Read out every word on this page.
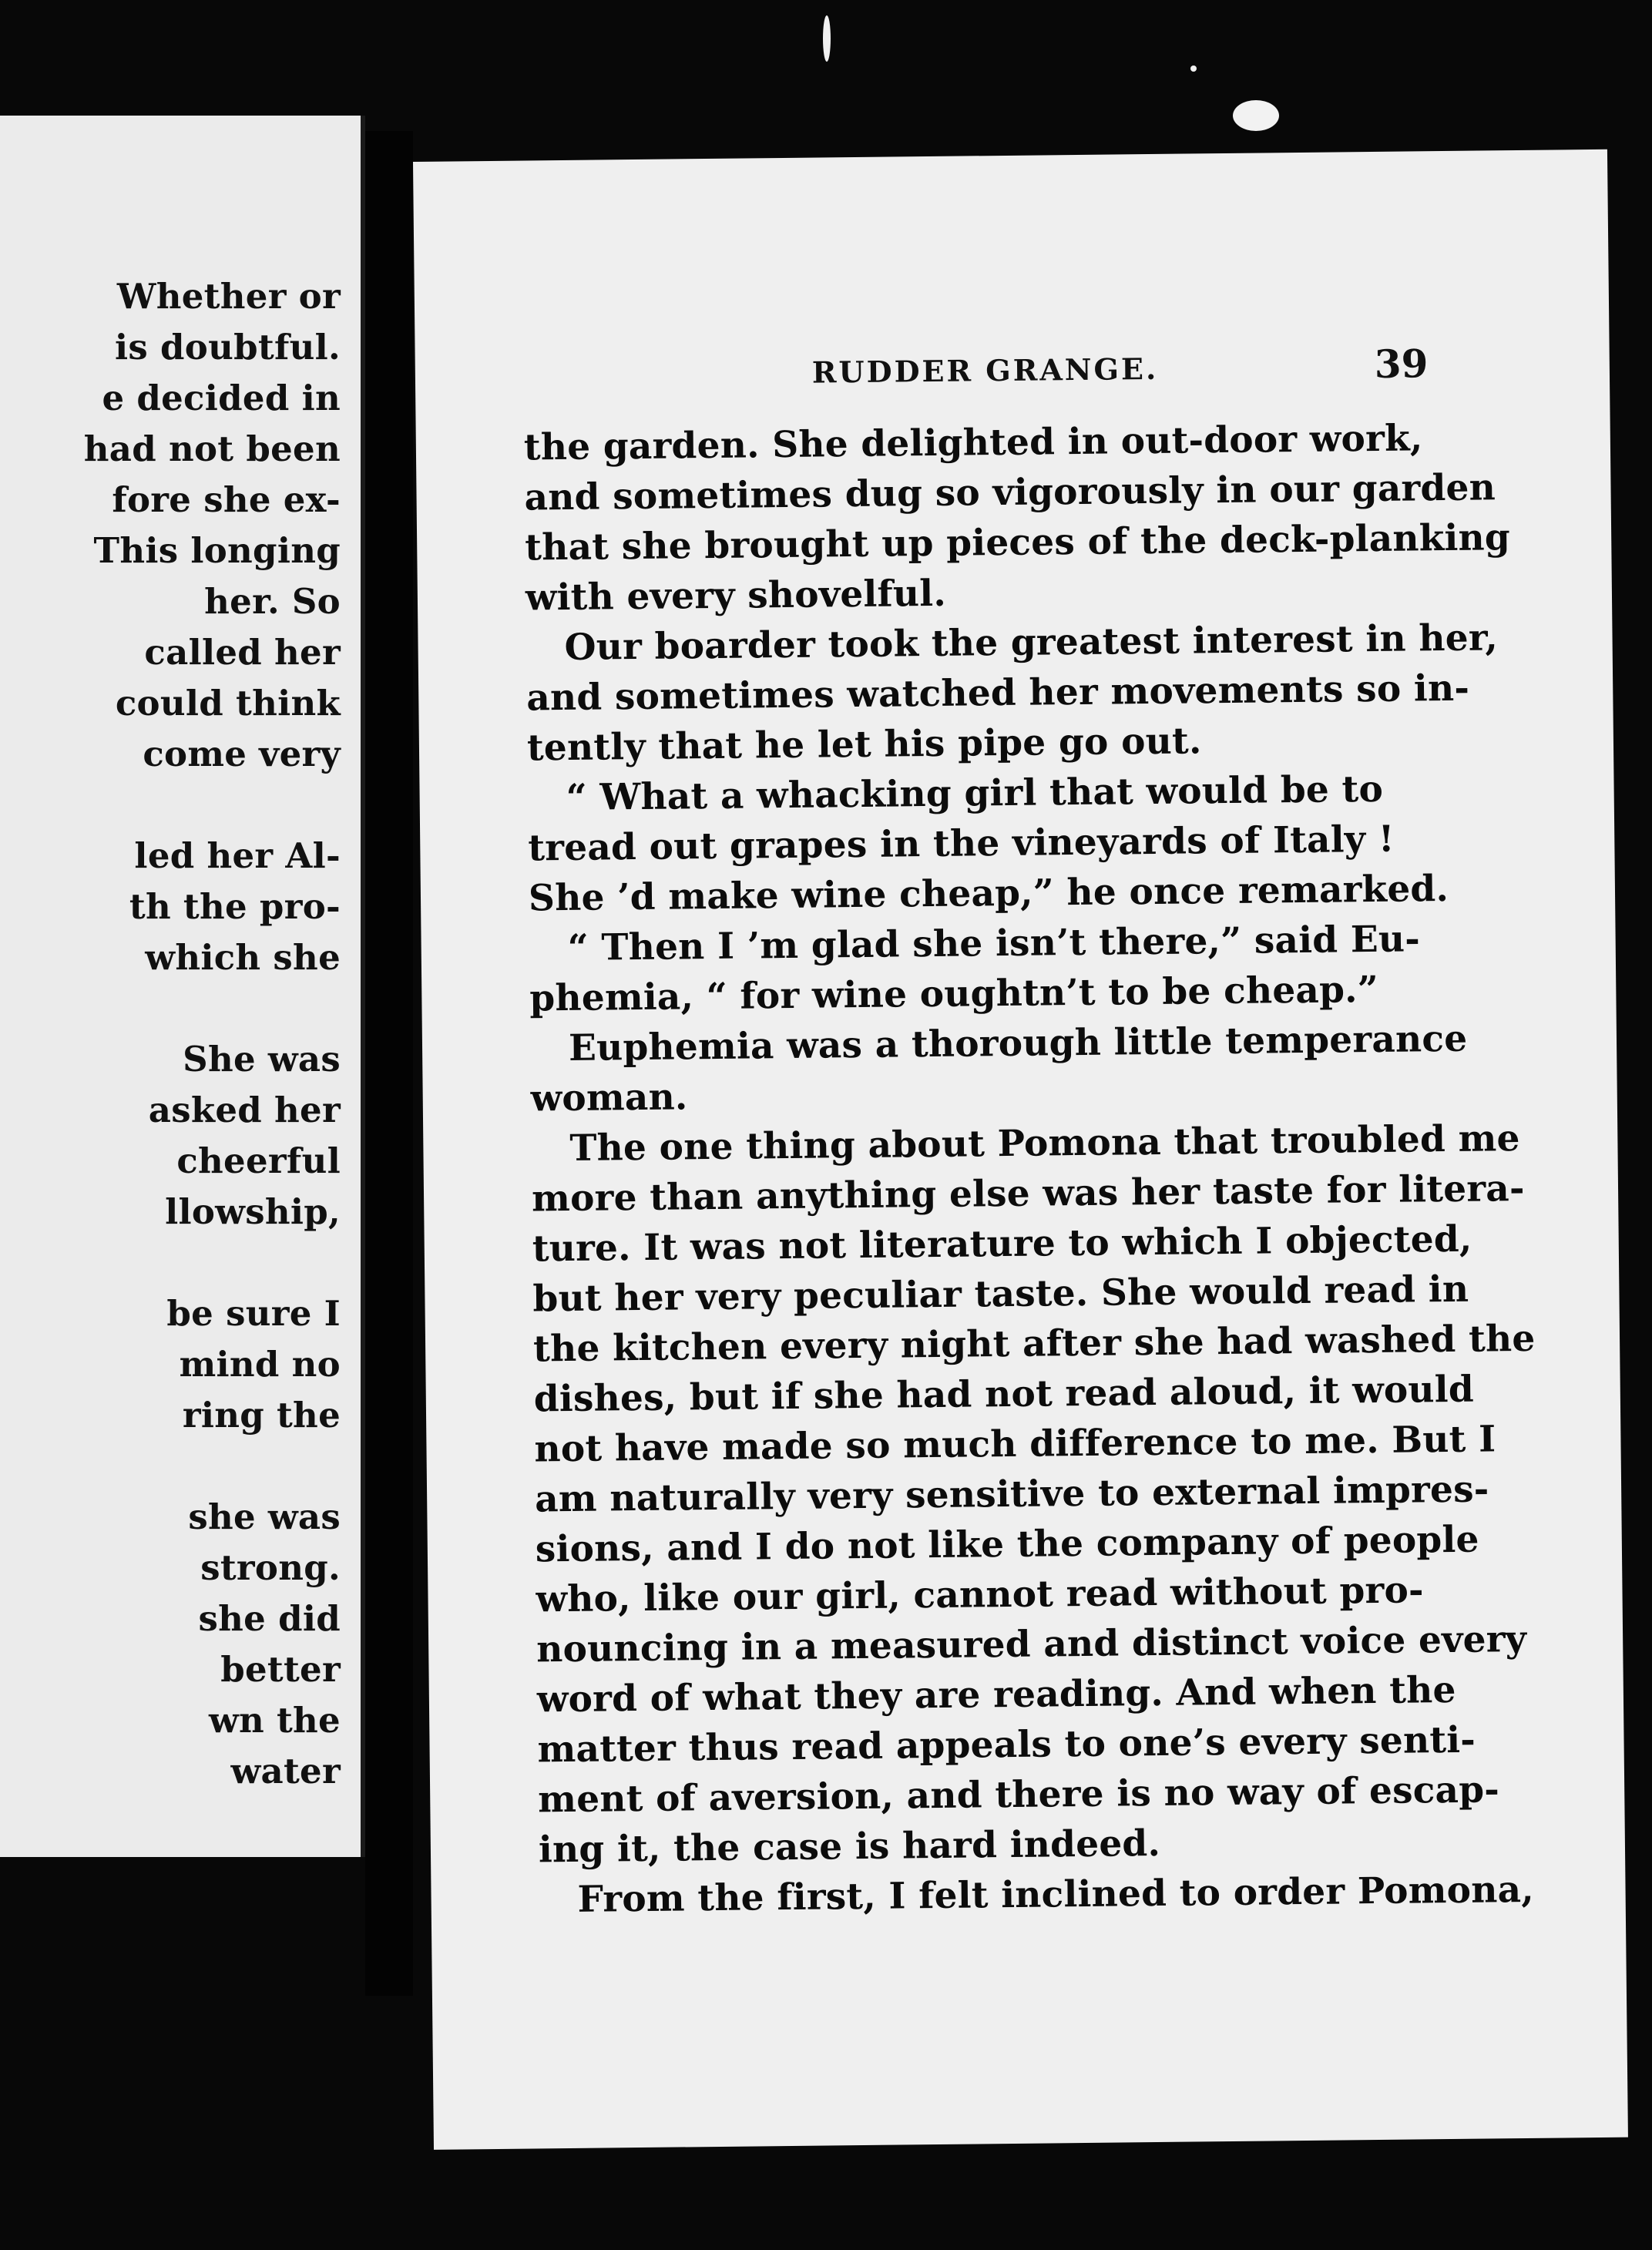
Whether or
is doubtful.
e decided in
had not been
fore she ex-
This longing
her. So
called her
could think
come very
led her Al-
th the pro-
which she
She was
asked her
cheerful
llowship,
be sure I
mind no
ring the
she was
strong.
she did
better
wn the
water
RUDDER GRANGE.	39
the garden. She delighted in out-door work,
and sometimes dug so vigorously in our garden
that she brought up pieces of the deck-planking
with every shovelful.
Our boarder took the greatest interest in her,
and sometimes watched her movements so in-
tently that he let his pipe go out.
“ What a whacking girl that would be to
tread out grapes in the vineyards of Italy !
She ’d make wine cheap,” he once remarked.
“ Then I ’m glad she isn’t there,” said Eu-
phemia, “ for wine oughtn’t to be cheap.”
Euphemia was a thorough little temperance
woman.
The one thing about Pomona that troubled me
more than anything else was her taste for litera-
ture. It was not literature to which I objected,
but her very peculiar taste. She would read in
the kitchen every night after she had washed the
dishes, but if she had not read aloud, it would
not have made so much difference to me. But I
am naturally very sensitive to external impres-
sions, and I do not like the company of people
who, like our girl, cannot read without pro-
nouncing in a measured and distinct voice every
word of what they are reading. And when the
matter thus read appeals to one’s every senti-
ment of aversion, and there is no way of escap-
ing it, the case is hard indeed.
From the first, I felt inclined to order Pomona,
